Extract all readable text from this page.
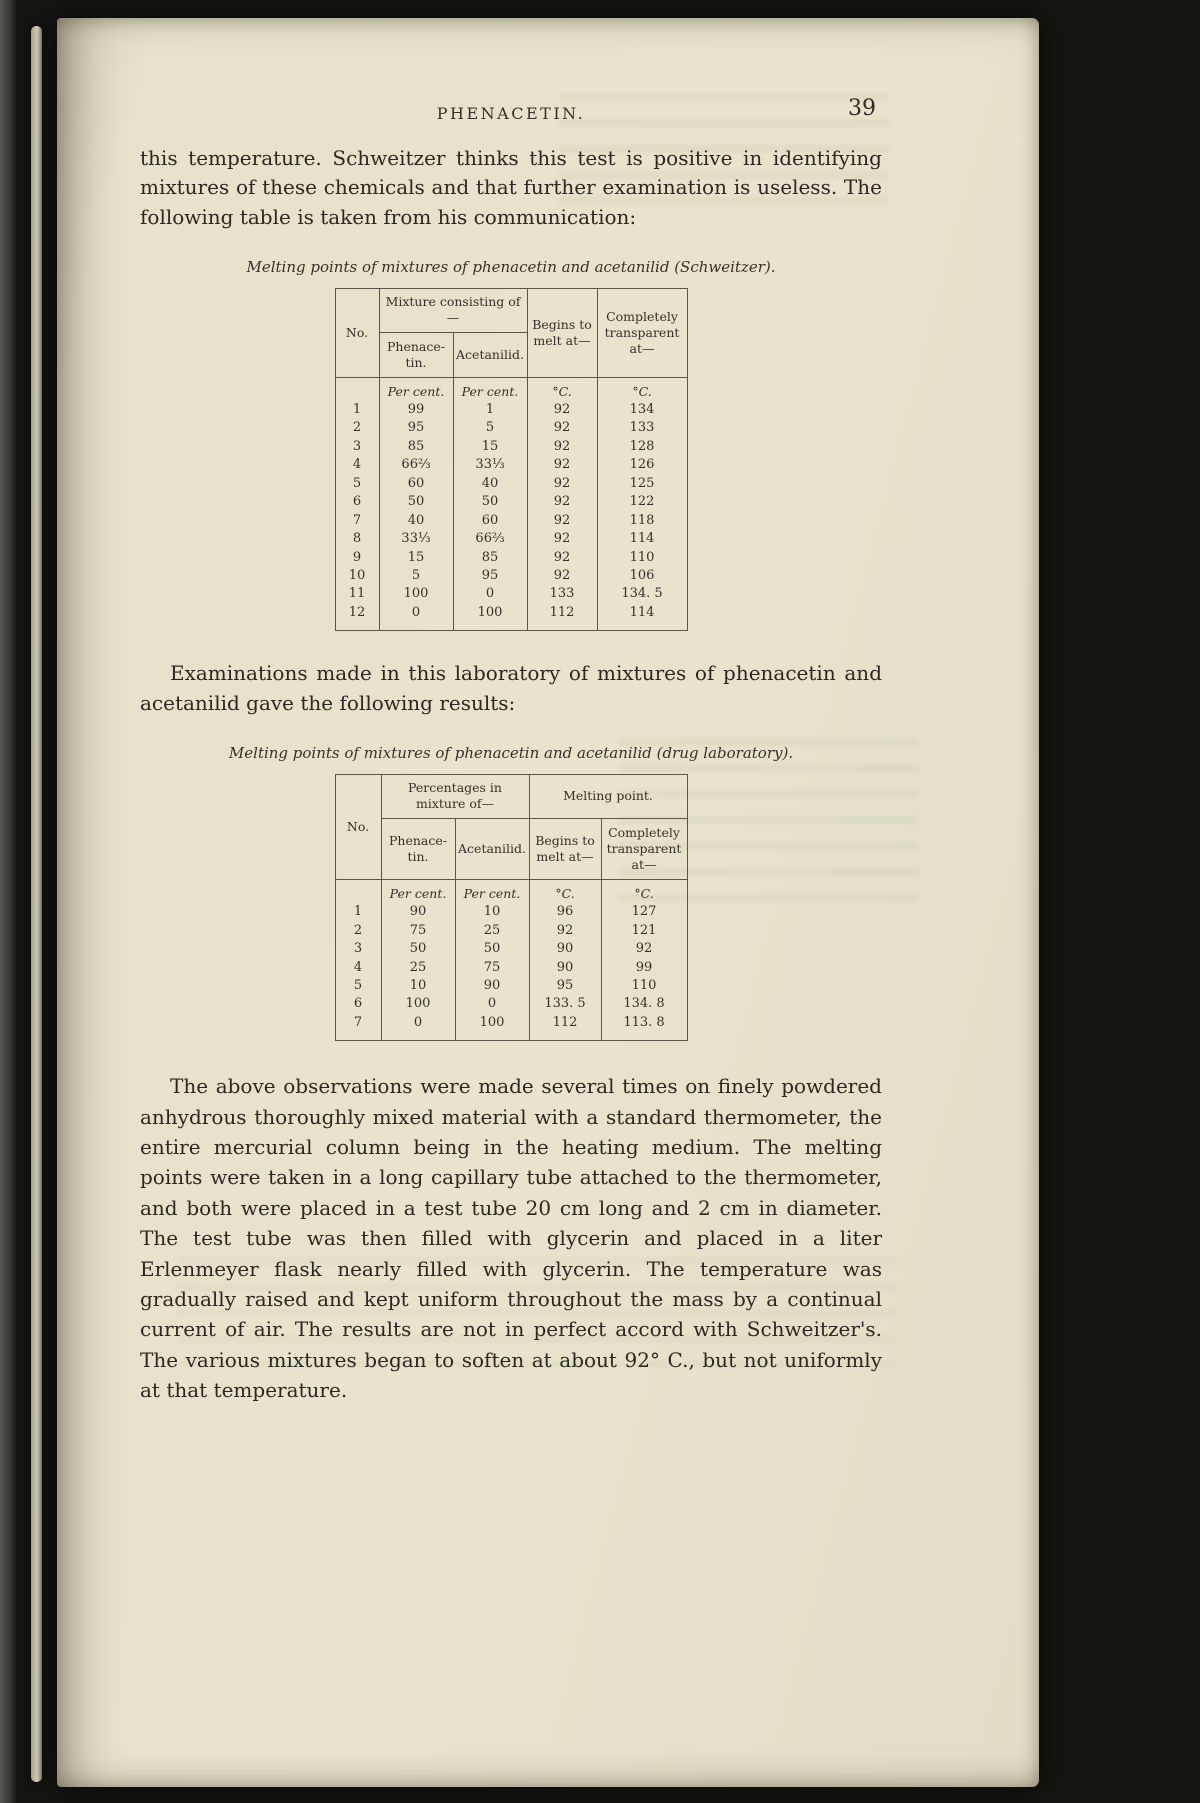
PHENACETIN.	39

this temperature. Schweitzer thinks this test is positive in identifying mixtures of these chemicals and that further examination is useless. The following table is taken from his communication:

Melting points of mixtures of phenacetin and acetanilid (Schweitzer).
No.	Mixture consisting of—		Begins to melt at—	Completely transparent at—
	Phenacetin.	Acetanilid.		
	Per cent.	Per cent.	°C.	°C.
1	99	1	92	134
2	95	5	92	133
3	85	15	92	128
4	66⅔	33⅓	92	126
5	60	40	92	125
6	50	50	92	122
7	40	60	92	118
8	33⅓	66⅔	92	114
9	15	85	92	110
10	5	95	92	106
11	100	0	133	134. 5
12	0	100	112	114

Examinations made in this laboratory of mixtures of phenacetin and acetanilid gave the following results:

Melting points of mixtures of phenacetin and acetanilid (drug laboratory).
No.	Percentages in mixture of—		Melting point.	
	Phenacetin.	Acetanilid.	Begins to melt at—	Completely transparent at—
	Per cent.	Per cent.	°C.	°C.
1	90	10	96	127
2	75	25	92	121
3	50	50	90	92
4	25	75	90	99
5	10	90	95	110
6	100	0	133. 5	134. 8
7	0	100	112	113. 8

The above observations were made several times on finely powdered anhydrous thoroughly mixed material with a standard thermometer, the entire mercurial column being in the heating medium. The melting points were taken in a long capillary tube attached to the thermometer, and both were placed in a test tube 20 cm long and 2 cm in diameter. The test tube was then filled with glycerin and placed in a liter Erlenmeyer flask nearly filled with glycerin. The temperature was gradually raised and kept uniform throughout the mass by a continual current of air. The results are not in perfect accord with Schweitzer's. The various mixtures began to soften at about 92° C., but not uniformly at that temperature.
